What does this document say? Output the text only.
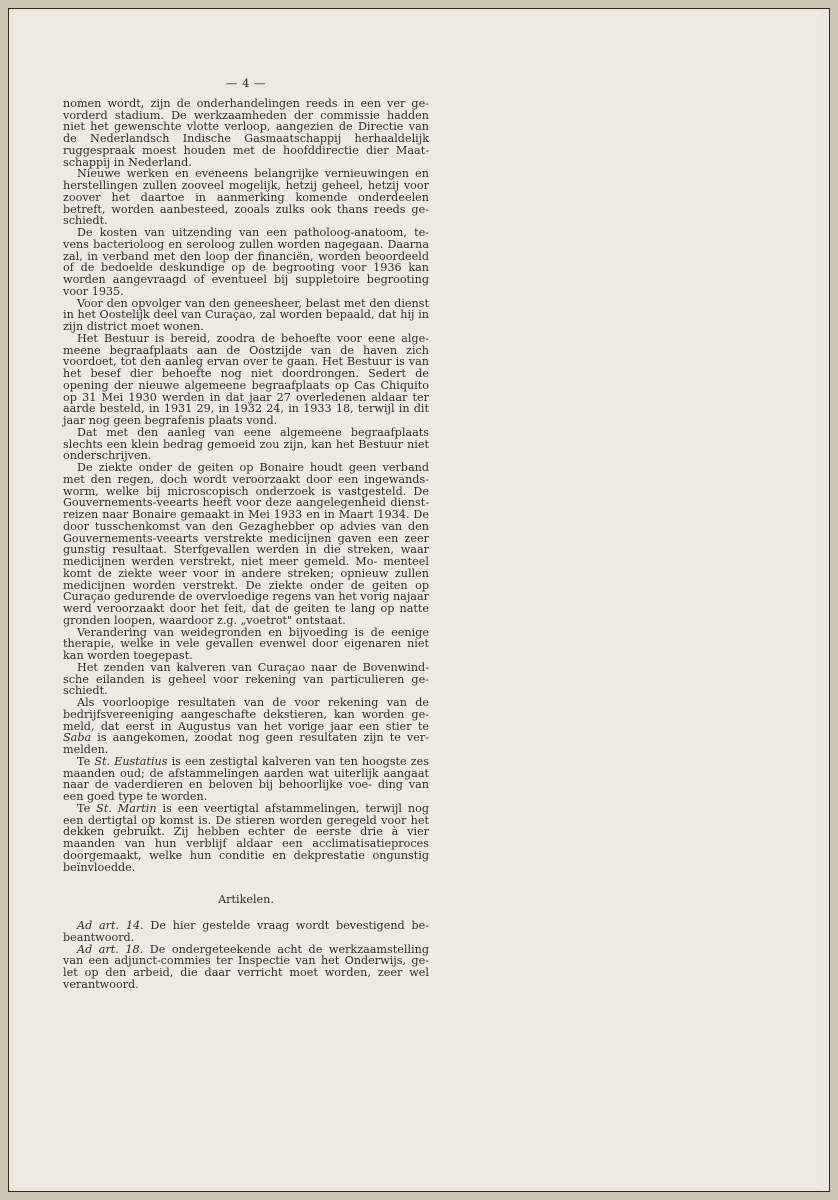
— 4 —

nomen wordt, zijn de onderhandelingen reeds in een ver ge- vorderd stadium. De werkzaamheden der commissie hadden niet het gewenschte vlotte verloop, aangezien de Directie van de Nederlandsch Indische Gasmaatschappij herhaaldelijk ruggespraak moest houden met de hoofddirectie dier Maat- schappij in Nederland.

Nieuwe werken en eveneens belangrijke vernieuwingen en herstellingen zullen zooveel mogelijk, hetzij geheel, hetzij voor zoover het daartoe in aanmerking komende onderdeelen betreft, worden aanbesteed, zooals zulks ook thans reeds ge- schiedt.

De kosten van uitzending van een patholoog-anatoom, te- vens bacterioloog en seroloog zullen worden nagegaan. Daarna zal, in verband met den loop der financiën, worden beoordeeld of de bedoelde deskundige op de begrooting voor 1936 kan worden aangevraagd of eventueel bij suppletoire begrooting voor 1935.

Voor den opvolger van den geneesheer, belast met den dienst in het Oostelijk deel van Curaçao, zal worden bepaald, dat hij in zijn district moet wonen.

Het Bestuur is bereid, zoodra de behoefte voor eene alge- meene begraafplaats aan de Oostzijde van de haven zich voordoet, tot den aanleg ervan over te gaan. Het Bestuur is van het besef dier behoefte nog niet doordrongen. Sedert de opening der nieuwe algemeene begraafplaats op Cas Chiquito op 31 Mei 1930 werden in dat jaar 27 overledenen aldaar ter aarde besteld, in 1931 29, in 1932 24, in 1933 18, terwijl in dit jaar nog geen begrafenis plaats vond.

Dat met den aanleg van eene algemeene begraafplaats slechts een klein bedrag gemoeid zou zijn, kan het Bestuur niet onderschrijven.

De ziekte onder de geiten op Bonaire houdt geen verband met den regen, doch wordt veroorzaakt door een ingewands- worm, welke bij microscopisch onderzoek is vastgesteld. De Gouvernements-veearts heeft voor deze aangelegenheid dienst- reizen naar Bonaire gemaakt in Mei 1933 en in Maart 1934. De door tusschenkomst van den Gezaghebber op advies van den Gouvernements-veearts verstrekte medicijnen gaven een zeer gunstig resultaat. Sterfgevallen werden in die streken, waar medicijnen werden verstrekt, niet meer gemeld. Mo- menteel komt de ziekte weer voor in andere streken; opnieuw zullen medicijnen worden verstrekt. De ziekte onder de geiten op Curaçao gedurende de overvloedige regens van het vorig najaar werd veroorzaakt door het feit, dat de geiten te lang op natte gronden loopen, waardoor z.g. „voetrot" ontstaat.

Verandering van weidegronden en bijvoeding is de eenige therapie, welke in vele gevallen evenwel door eigenaren niet kan worden toegepast.

Het zenden van kalveren van Curaçao naar de Bovenwind- sche eilanden is geheel voor rekening van particulieren ge- schiedt.

Als voorloopige resultaten van de voor rekening van de bedrijfsvereeniging aangeschafte dekstieren, kan worden ge- meld, dat eerst in Augustus van het vorige jaar een stier te Saba is aangekomen, zoodat nog geen resultaten zijn te ver- melden.

Te St. Eustatius is een zestigtal kalveren van ten hoogste zes maanden oud; de afstammelingen aarden wat uiterlijk aangaat naar de vaderdieren en beloven bij behoorlijke voe- ding van een goed type te worden.

Te St. Martin is een veertigtal afstammelingen, terwijl nog een dertigtal op komst is. De stieren worden geregeld voor het dekken gebruikt. Zij hebben echter de eerste drie à vier maanden van hun verblijf aldaar een acclimatisatieproces doorgemaakt, welke hun conditie en dekprestatie ongunstig beïnvloedde.

Artikelen.

Ad art. 14. De hier gestelde vraag wordt bevestigend be- beantwoord.

Ad art. 18. De ondergeteekende acht de werkzaamstelling van een adjunct-commies ter Inspectie van het Onderwijs, ge- let op den arbeid, die daar verricht moet worden, zeer wel verantwoord.
